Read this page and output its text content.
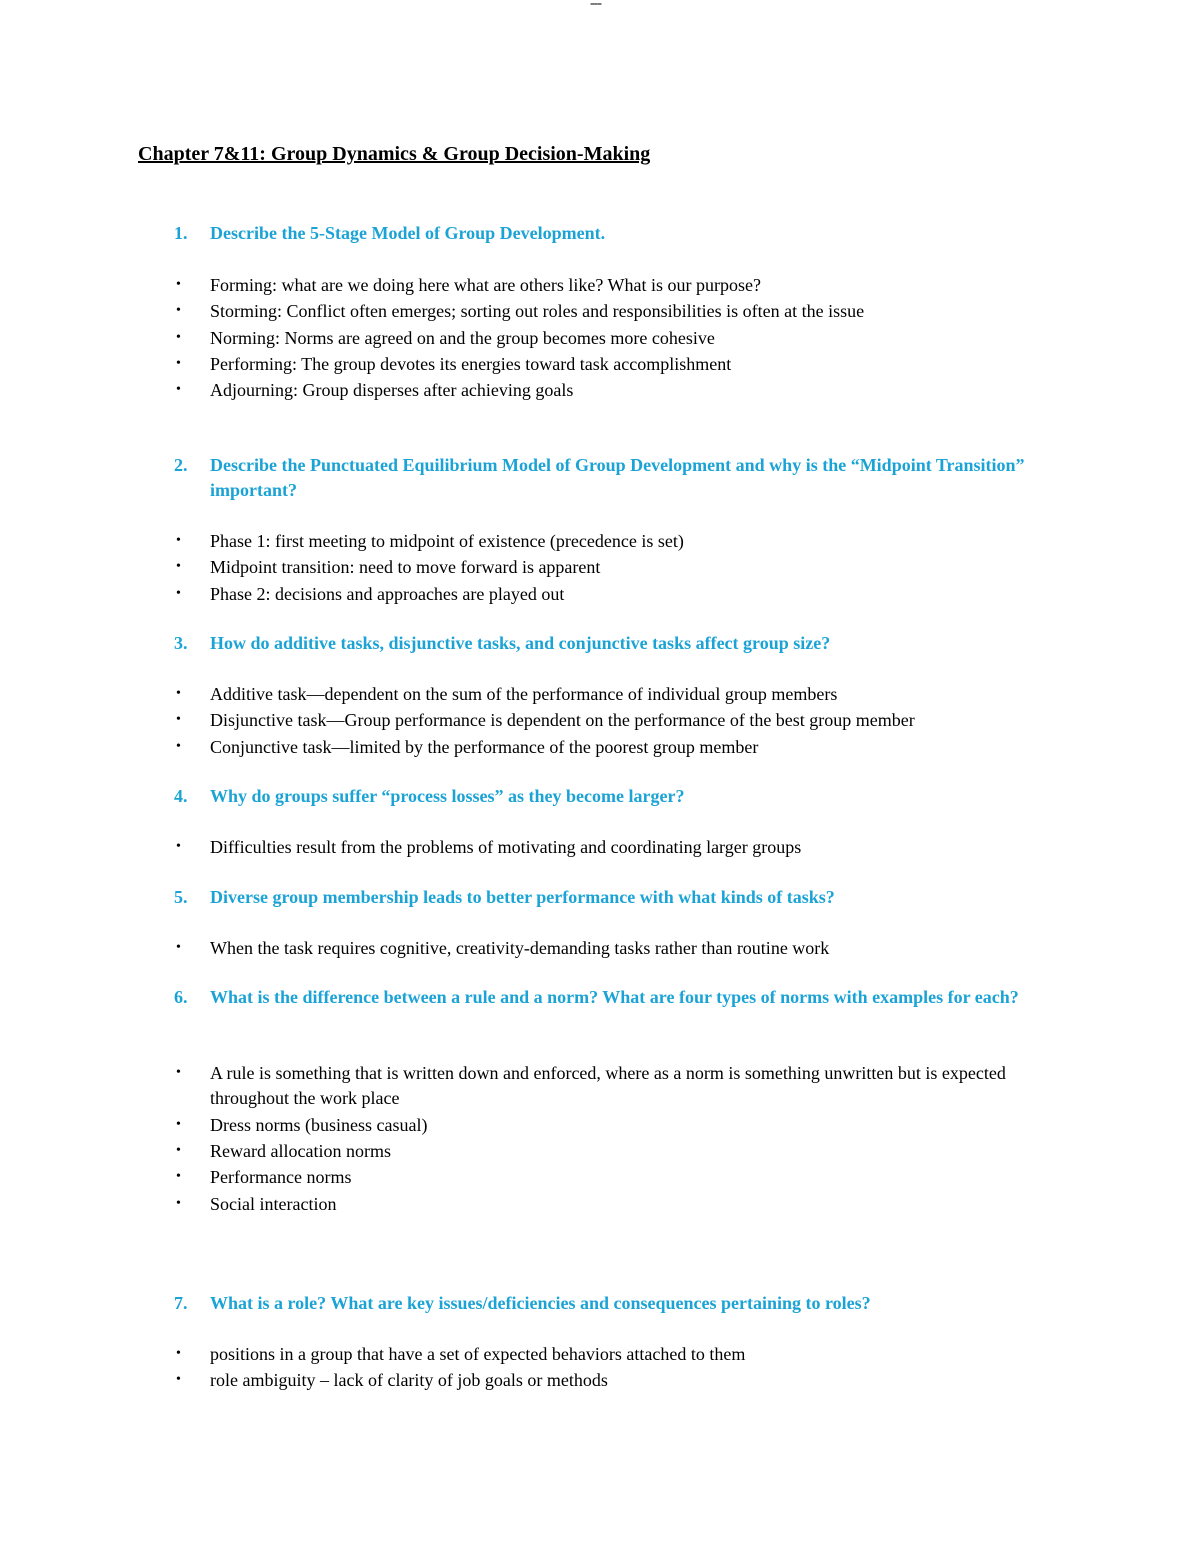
---
Chapter 7&11: Group Dynamics & Group Decision-Making
1.	Describe the 5-Stage Model of Group Development.
• Forming: what are we doing here what are others like? What is our purpose?
• Storming: Conflict often emerges; sorting out roles and responsibilities is often at the issue
• Norming: Norms are agreed on and the group becomes more cohesive
• Performing: The group devotes its energies toward task accomplishment
• Adjourning: Group disperses after achieving goals
2.	Describe the Punctuated Equilibrium Model of Group Development and why is the “Midpoint Transition” important?
• Phase 1: first meeting to midpoint of existence (precedence is set)
• Midpoint transition: need to move forward is apparent
• Phase 2: decisions and approaches are played out
3.	How do additive tasks, disjunctive tasks, and conjunctive tasks affect group size?
• Additive task—dependent on the sum of the performance of individual group members
• Disjunctive task—Group performance is dependent on the performance of the best group member
• Conjunctive task—limited by the performance of the poorest group member
4.	Why do groups suffer “process losses” as they become larger?
• Difficulties result from the problems of motivating and coordinating larger groups
5.	Diverse group membership leads to better performance with what kinds of tasks?
• When the task requires cognitive, creativity-demanding tasks rather than routine work
6.	What is the difference between a rule and a norm? What are four types of norms with examples for each?
• A rule is something that is written down and enforced, where as a norm is something unwritten but is expected throughout the work place
• Dress norms (business casual)
• Reward allocation norms
• Performance norms
• Social interaction
7.	What is a role? What are key issues/deficiencies and consequences pertaining to roles?
• positions in a group that have a set of expected behaviors attached to them
• role ambiguity – lack of clarity of job goals or methods
